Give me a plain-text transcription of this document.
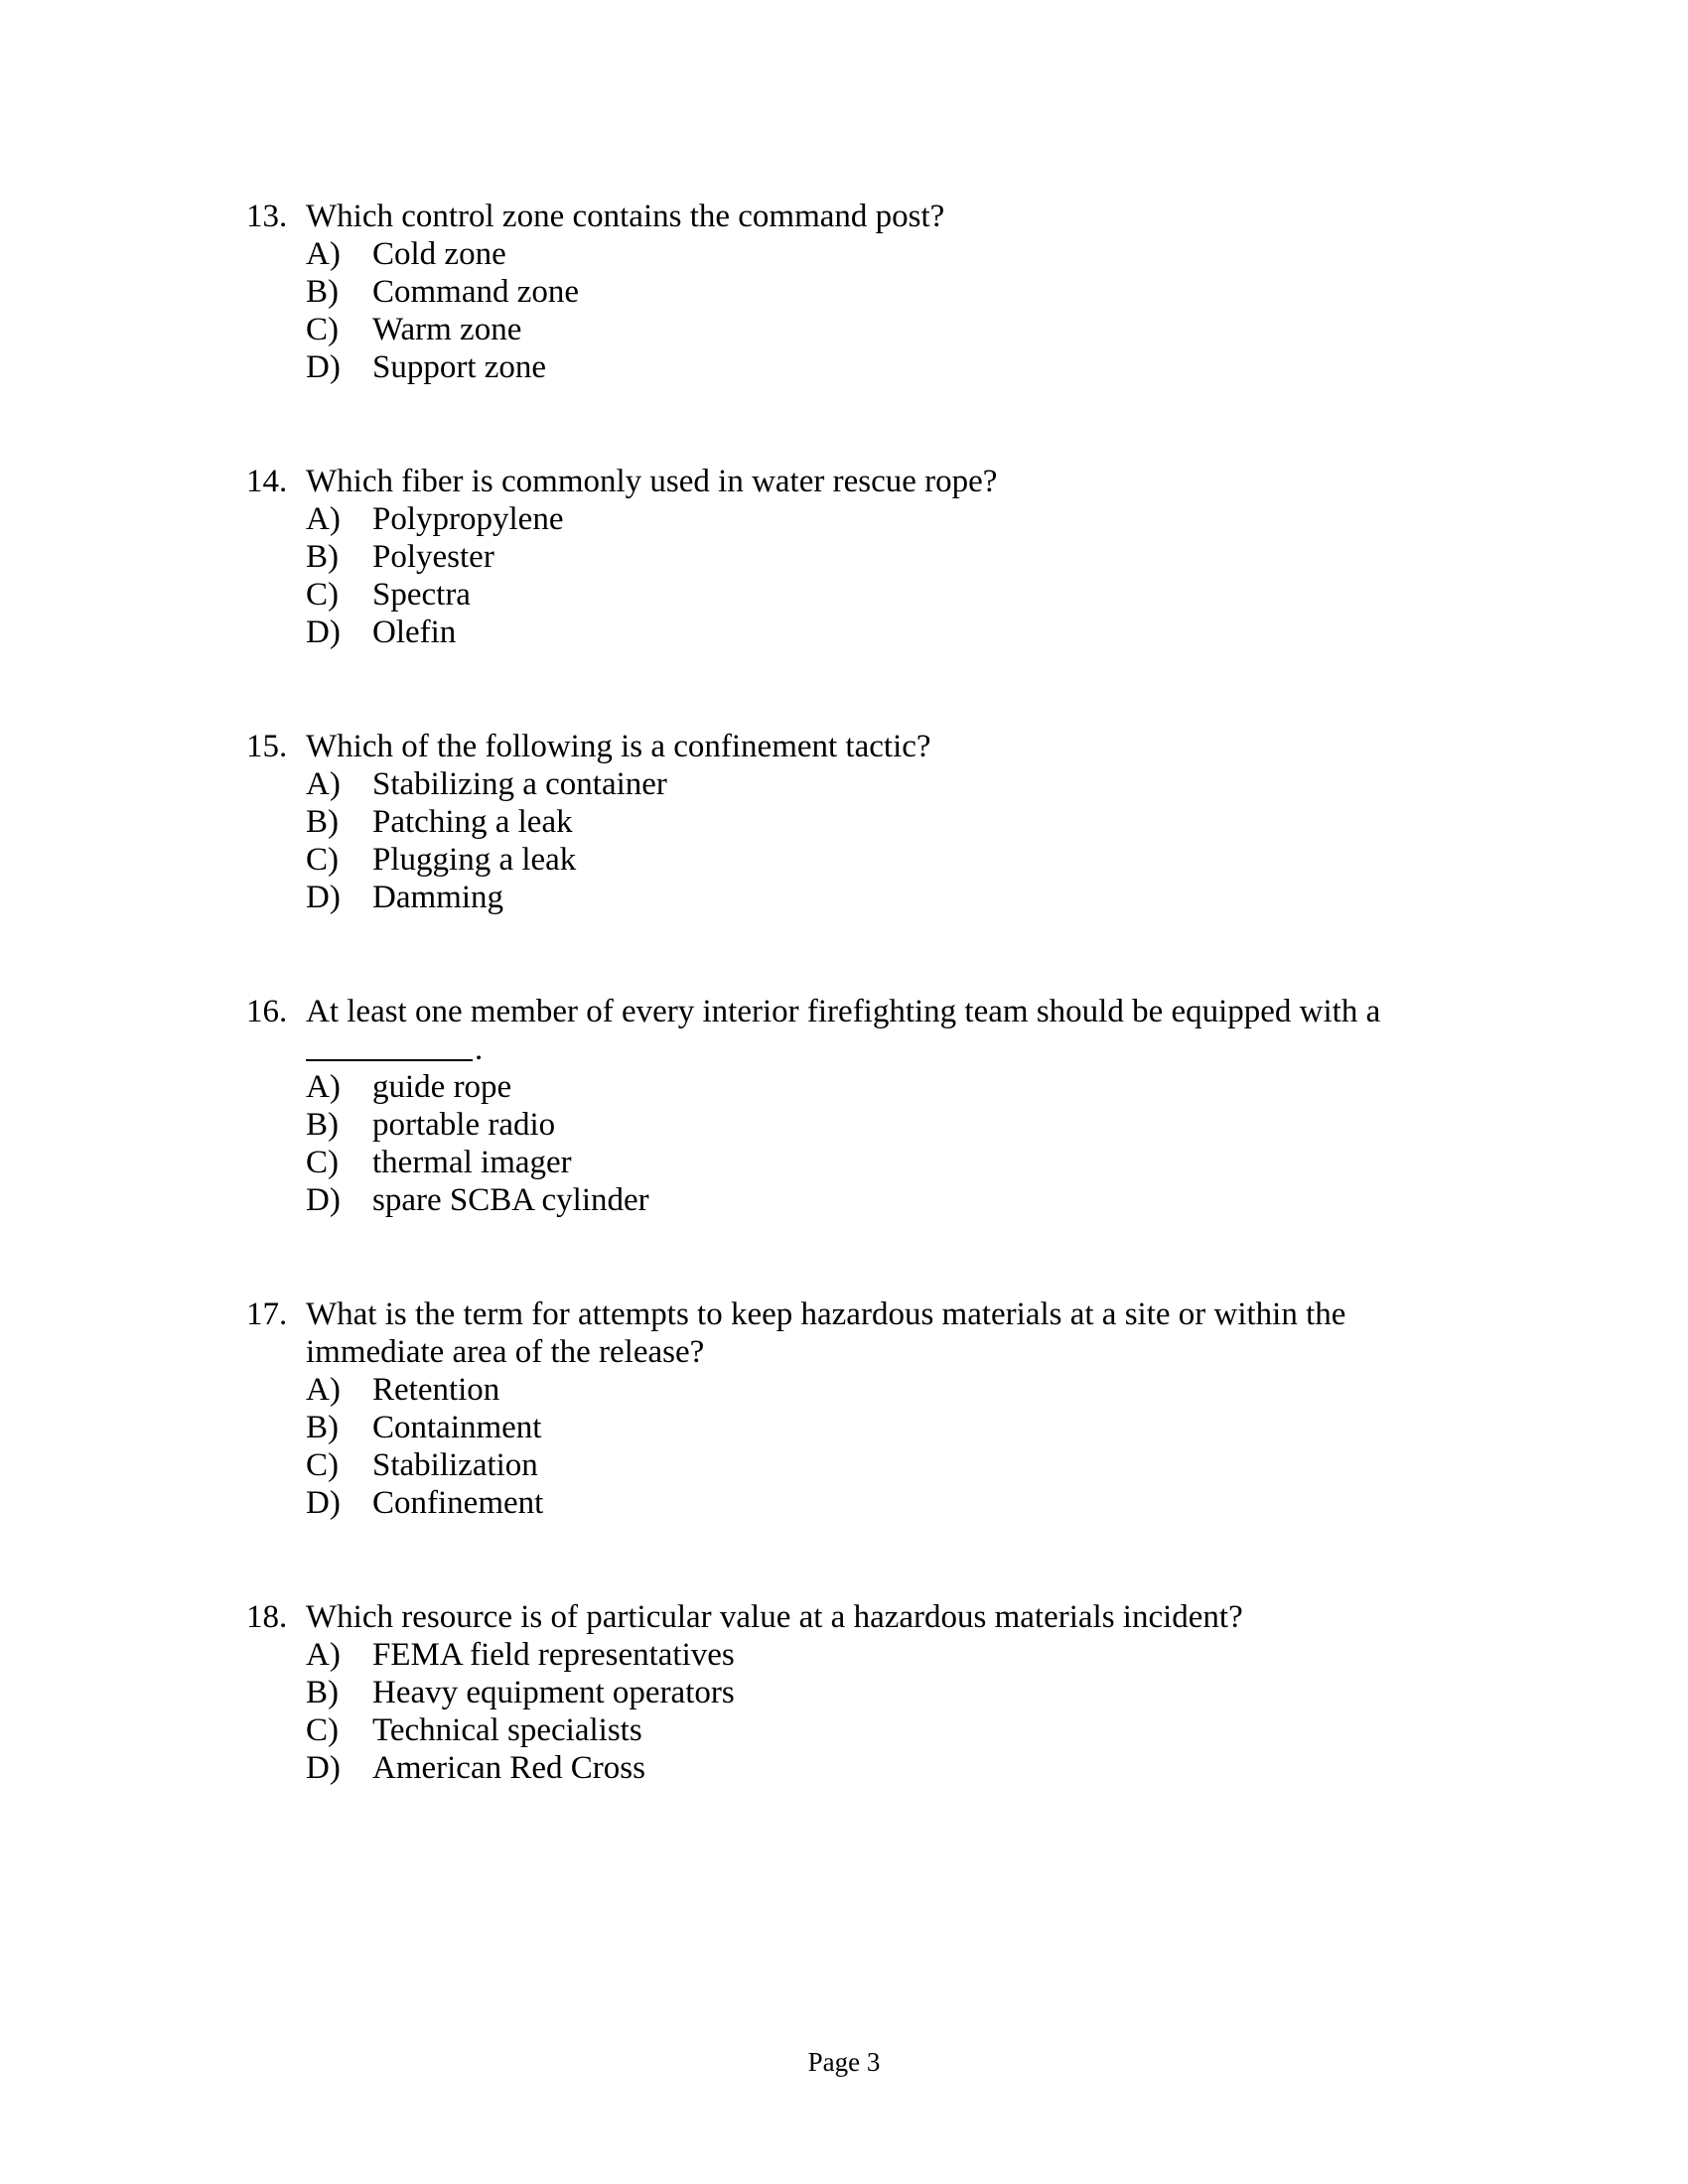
13. Which control zone contains the command post?
A) Cold zone
B)	Command zone
C)	Warm zone
D) Support zone
14. Which fiber is commonly used in water rescue rope?
A) Polypropylene
B)	Polyester
C)	Spectra
D) Olefin
15. Which of the following is a confinement tactic?
A) Stabilizing a container
B)	Patching a leak
C)	Plugging a leak
D) Damming
16. At least one member of every interior firefighting team should be equipped with a
.
A) guide rope
B)	portable radio
C)	thermal imager
D) spare SCBA cylinder
17. What is the term for attempts to keep hazardous materials at a site or within the immediate area of the release?
A) Retention
B)	Containment
C)	Stabilization
D) Confinement
18. Which resource is of particular value at a hazardous materials incident?
A) FEMA field representatives
B)	Heavy equipment operators
C)	Technical specialists
D) American Red Cross
Page 3
